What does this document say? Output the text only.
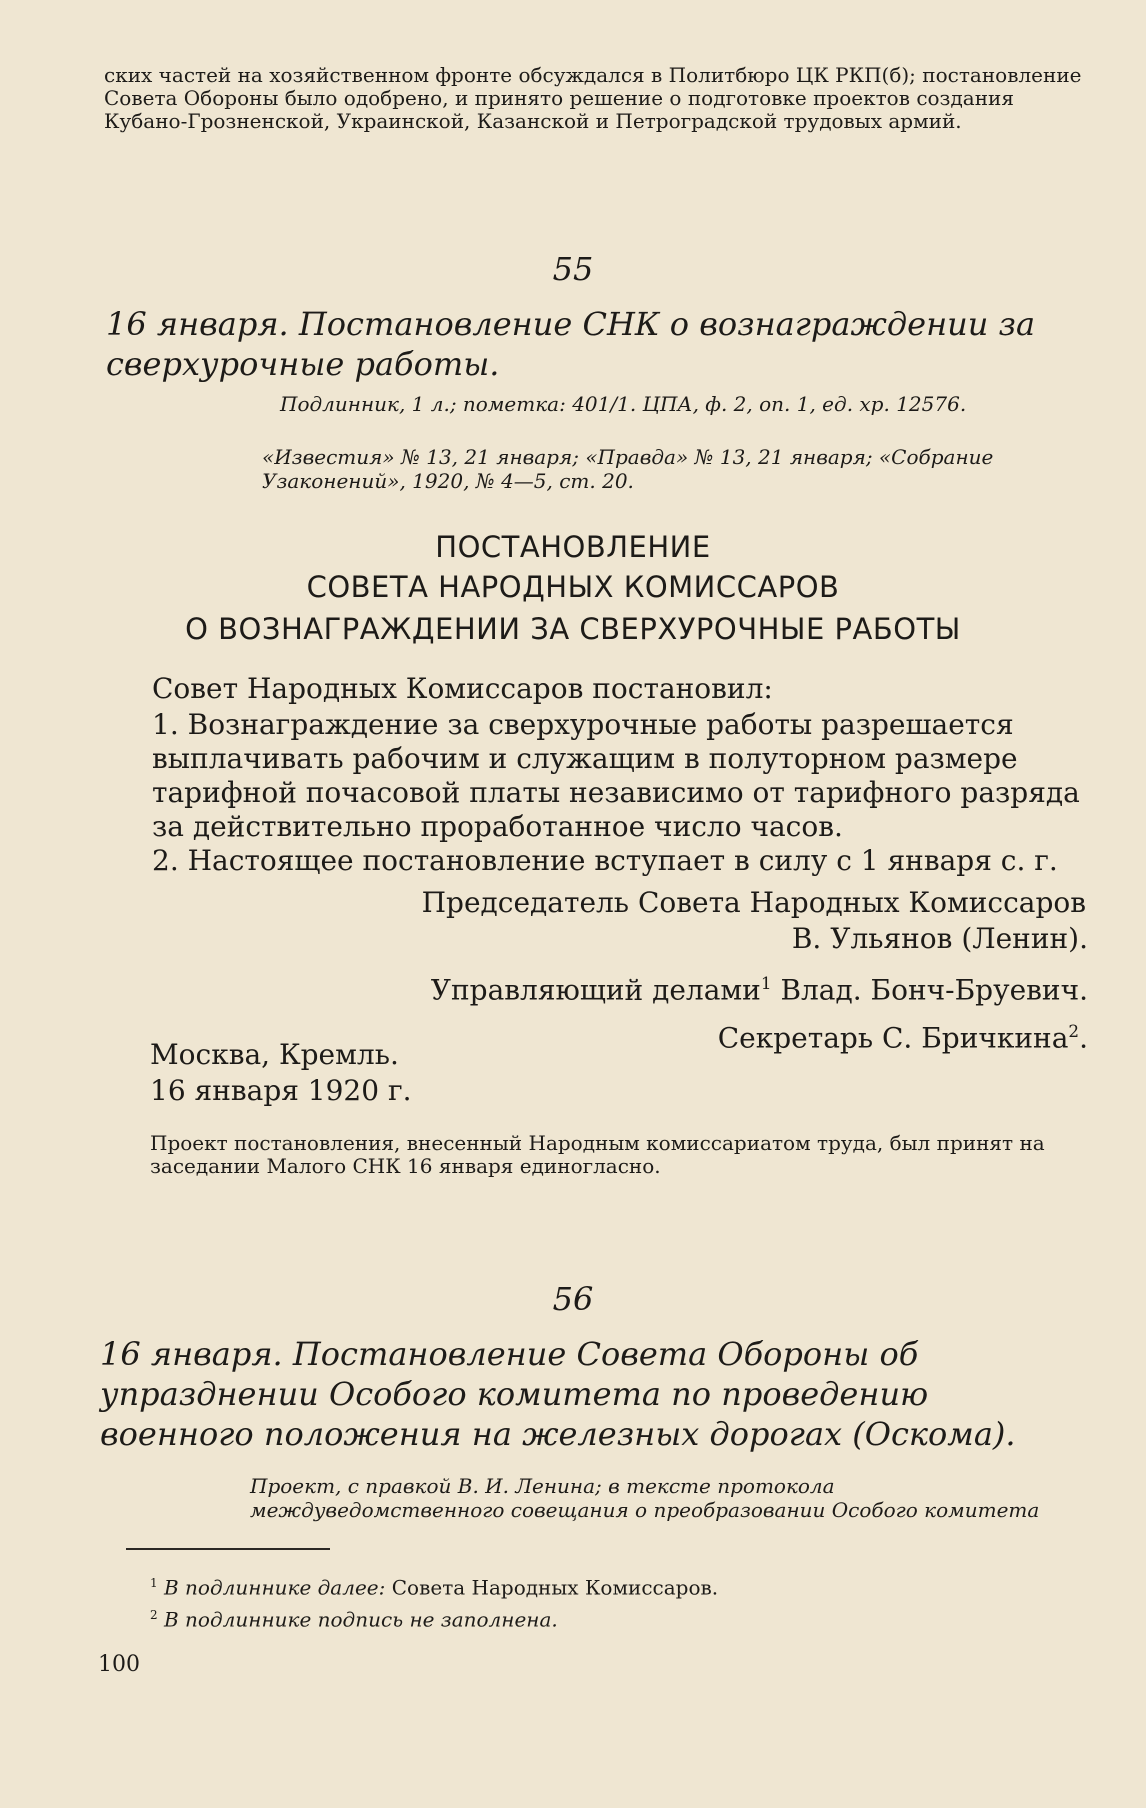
ских частей на хозяйственном фронте обсуждался в Политбюро ЦК РКП(б); постановление Совета Обороны было одобрено, и принято решение о подготовке проектов создания Кубано-Грозненской, Украинской, Казанской и Петроградской трудовых армий.
55
16 января. Постановление СНК о вознаграждении за сверхурочные работы.
Подлинник, 1 л.; пометка: 401/1. ЦПА, ф. 2, оп. 1, ед. хр. 12576.
«Известия» № 13, 21 января; «Правда» № 13, 21 января; «Собрание Узаконений», 1920, № 4—5, ст. 20.
ПОСТАНОВЛЕНИЕ
СОВЕТА НАРОДНЫХ КОМИССАРОВ
О ВОЗНАГРАЖДЕНИИ ЗА СВЕРХУРОЧНЫЕ РАБОТЫ
Совет Народных Комиссаров постановил:
1. Вознаграждение за сверхурочные работы разрешается выплачивать рабочим и служащим в полуторном размере тарифной почасовой платы независимо от тарифного разряда за действительно проработанное число часов.
2. Настоящее постановление вступает в силу с 1 января с. г.
Председатель Совета Народных Комиссаров
В. Ульянов (Ленин).
Управляющий делами$^1$ Влад. Бонч-Бруевич.
Секретарь С. Бричкина$^2$.
Москва, Кремль.
16 января 1920 г.
Проект постановления, внесенный Народным комиссариатом труда, был принят на заседании Малого СНК 16 января единогласно.
56
16 января. Постановление Совета Обороны об упразднении Особого комитета по проведению военного положения на железных дорогах (Оскома).
Проект, с правкой В. И. Ленина; в тексте протокола междуведомственного совещания о преобразовании Особого комитета
$^1$ В подлиннике далее: Совета Народных Комиссаров.
$^2$ В подлиннике подпись не заполнена.
100
